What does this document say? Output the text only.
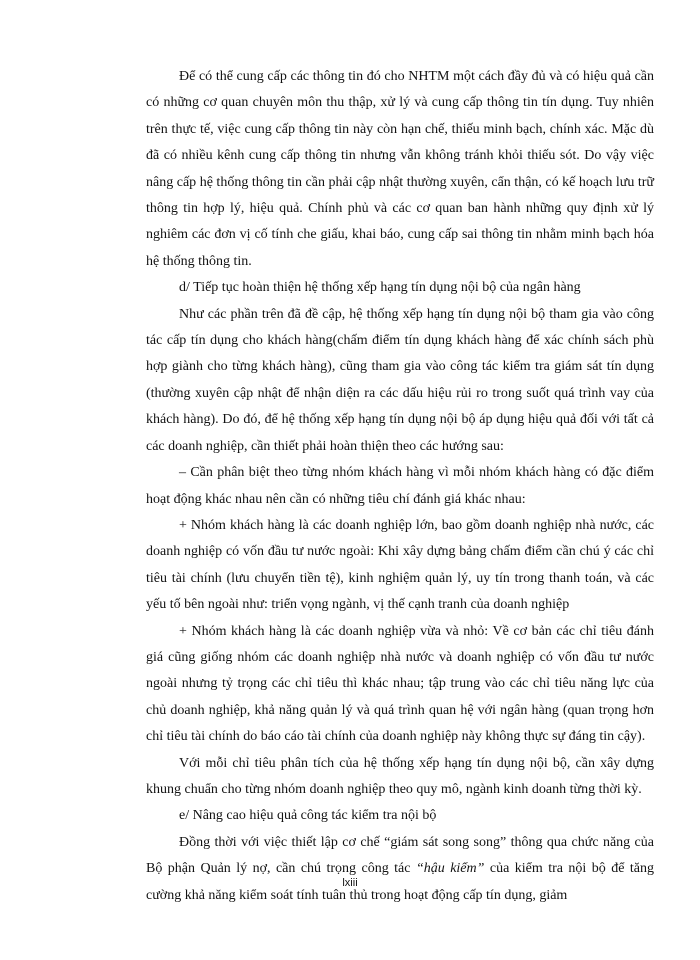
Để có thể cung cấp các thông tin đó cho NHTM một cách đầy đủ và có hiệu quả cần có những cơ quan chuyên môn thu thập, xử lý và cung cấp thông tin tín dụng. Tuy nhiên trên thực tế, việc cung cấp thông tin này còn hạn chế, thiếu minh bạch, chính xác. Mặc dù đã có nhiều kênh cung cấp thông tin nhưng vẫn không tránh khỏi thiếu sót. Do vậy việc nâng cấp hệ thống thông tin cần phải cập nhật thường xuyên, cẩn thận, có kế hoạch lưu trữ thông tin hợp lý, hiệu quả. Chính phủ và các cơ quan ban hành những quy định xử lý nghiêm các đơn vị cố tính che giấu, khai báo, cung cấp sai thông tin nhằm minh bạch hóa hệ thống thông tin.

d/ Tiếp tục hoàn thiện hệ thống xếp hạng tín dụng nội bộ của ngân hàng

Như các phần trên đã đề cập, hệ thống xếp hạng tín dụng nội bộ tham gia vào công tác cấp tín dụng cho khách hàng(chấm điểm tín dụng khách hàng để xác chính sách phù hợp giành cho từng khách hàng), cũng tham gia vào công tác kiểm tra giám sát tín dụng (thường xuyên cập nhật để nhận diện ra các dấu hiệu rủi ro trong suốt quá trình vay của khách hàng). Do đó, để hệ thống xếp hạng tín dụng nội bộ áp dụng hiệu quả đối với tất cả các doanh nghiệp, cần thiết phải hoàn thiện theo các hướng sau:

– Cần phân biệt theo từng nhóm khách hàng vì mỗi nhóm khách hàng có đặc điểm hoạt động khác nhau nên cần có những tiêu chí đánh giá khác nhau:

+ Nhóm khách hàng là các doanh nghiệp lớn, bao gồm doanh nghiệp nhà nước, các doanh nghiệp có vốn đầu tư nước ngoài: Khi xây dựng bảng chấm điểm cần chú ý các chỉ tiêu tài chính (lưu chuyển tiền tệ), kinh nghiệm quản lý, uy tín trong thanh toán, và các yếu tố bên ngoài như: triển vọng ngành, vị thế cạnh tranh của doanh nghiệp

+ Nhóm khách hàng là các doanh nghiệp vừa và nhỏ: Về cơ bản các chỉ tiêu đánh giá cũng giống nhóm các doanh nghiệp nhà nước và doanh nghiệp có vốn đầu tư nước ngoài nhưng tỷ trọng các chỉ tiêu thì khác nhau; tập trung vào các chỉ tiêu năng lực của chủ doanh nghiệp, khả năng quản lý và quá trình quan hệ với ngân hàng (quan trọng hơn chỉ tiêu tài chính do báo cáo tài chính của doanh nghiệp này không thực sự đáng tin cậy).

Với mỗi chỉ tiêu phân tích của hệ thống xếp hạng tín dụng nội bộ, cần xây dựng khung chuẩn cho từng nhóm doanh nghiệp theo quy mô, ngành kinh doanh từng thời kỳ.

e/ Nâng cao hiệu quả công tác kiểm tra nội bộ

Đồng thời với việc thiết lập cơ chế “giám sát song song” thông qua chức năng của Bộ phận Quản lý nợ, cần chú trọng công tác “hậu kiểm” của kiểm tra nội bộ để tăng cường khả năng kiểm soát tính tuân thủ trong hoạt động cấp tín dụng, giảm

lxiii
